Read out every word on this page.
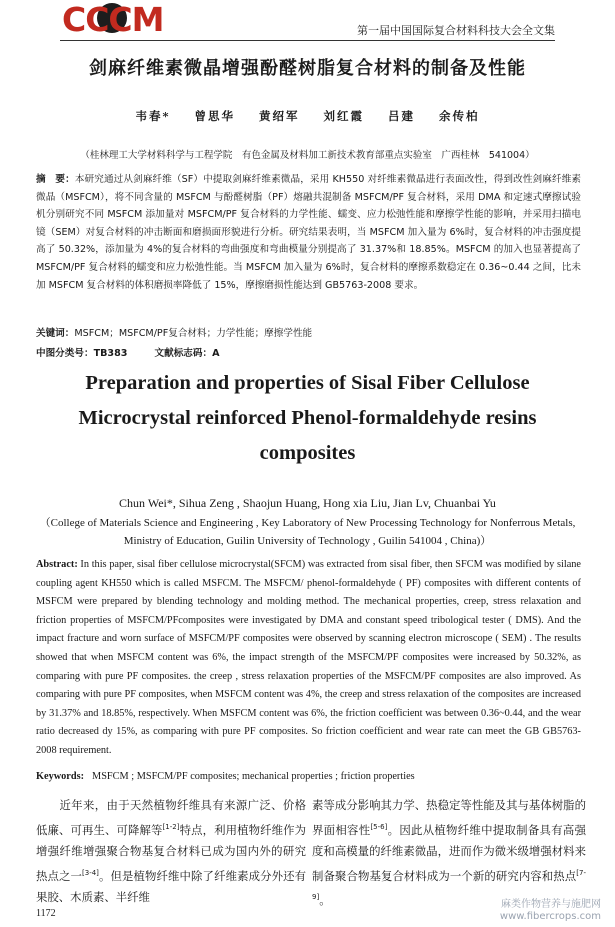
CCCM	第一届中国国际复合材料科技大会全文集
剑麻纤维素微晶增强酚醛树脂复合材料的制备及性能
韦春* 曾思华 黄绍军 刘红霞 吕建 余传柏
（桂林理工大学材料科学与工程学院　有色金属及材料加工新技术教育部重点实验室　广西桂林　541004）
摘　要：本研究通过从剑麻纤维（SF）中提取剑麻纤维素微晶，采用 KH550 对纤维素微晶进行表面改性，得到改性剑麻纤维素微晶（MSFCM），将不同含量的 MSFCM 与酚醛树脂（PF）熔融共混制备 MSFCM/PF 复合材料，采用 DMA 和定速式摩擦试验机分别研究不同 MSFCM 添加量对 MSFCM/PF 复合材料的力学性能、蠕变、应力松弛性能和摩擦学性能的影响，并采用扫描电镜（SEM）对复合材料的冲击断面和磨损面形貌进行分析。研究结果表明，当 MSFCM 加入量为 6%时，复合材料的冲击强度提高了 50.32%，添加量为 4%的复合材料的弯曲强度和弯曲模量分别提高了 31.37%和 18.85%。MSFCM 的加入也显著提高了 MSFCM/PF 复合材料的蠕变和应力松弛性能。当 MSFCM 加入量为 6%时，复合材料的摩擦系数稳定在 0.36~0.44 之间，比未加 MSFCM 复合材料的体积磨损率降低了 15%，摩擦磨损性能达到 GB5763-2008 要求。
关键词：MSFCM；MSFCM/PF复合材料；力学性能；摩擦学性能
中图分类号：TB383	文献标志码：A
Preparation and properties of Sisal Fiber Cellulose Microcrystal reinforced Phenol-formaldehyde resins composites
Chun Wei*, Sihua Zeng , Shaojun Huang, Hong xia Liu, Jian Lv, Chuanbai Yu
（College of Materials Science and Engineering , Key Laboratory of New Processing Technology for Nonferrous Metals, Ministry of Education, Guilin University of Technology , Guilin 541004 , China)）
Abstract: In this paper, sisal fiber cellulose microcrystal(SFCM) was extracted from sisal fiber, then SFCM was modified by silane coupling agent KH550 which is called MSFCM. The MSFCM/ phenol-formaldehyde ( PF) composites with different contents of MSFCM were prepared by blending technology and molding method. The mechanical properties, creep, stress relaxation and friction properties of MSFCM/PFcomposites were investigated by DMA and constant speed tribological tester ( DMS). And the impact fracture and worn surface of MSFCM/PF composites were observed by scanning electron microscope ( SEM) . The results showed that when MSFCM content was 6%, the impact strength of the MSFCM/PF composites were increased by 50.32%, as comparing with pure PF composites. the creep , stress relaxation properties of the MSFCM/PF composites are also improved. As comparing with pure PF composites, when MSFCM content was 4%, the creep and stress relaxation of the composites are increased by 31.37% and 18.85%, respectively. When MSFCM content was 6%, the friction coefficient was between 0.36~0.44, and the wear ratio decreased dy 15%, as comparing with pure PF composites. So friction coefficient and wear rate can meet the GB GB5763-2008 requirement.
Keywords: MSFCM ; MSFCM/PF composites; mechanical properties ; friction properties
　　近年来，由于天然植物纤维具有来源广泛、价格低廉、可再生、可降解等[1-2]特点，利用植物纤维作为增强纤维增强聚合物基复合材料已成为国内外的研究热点之一[3-4]。但是植物纤维中除了纤维素成分外还有果胶、木质素、半纤维
素等成分影响其力学、热稳定等性能及其与基体树脂的界面相容性[5-6]。因此从植物纤维中提取制备具有高强度和高模量的纤维素微晶，进而作为微米级增强材料来制备聚合物基复合材料成为一个新的研究内容和热点[7-9]。
1172
麻类作物营养与施肥网
www.fibercrops.com
